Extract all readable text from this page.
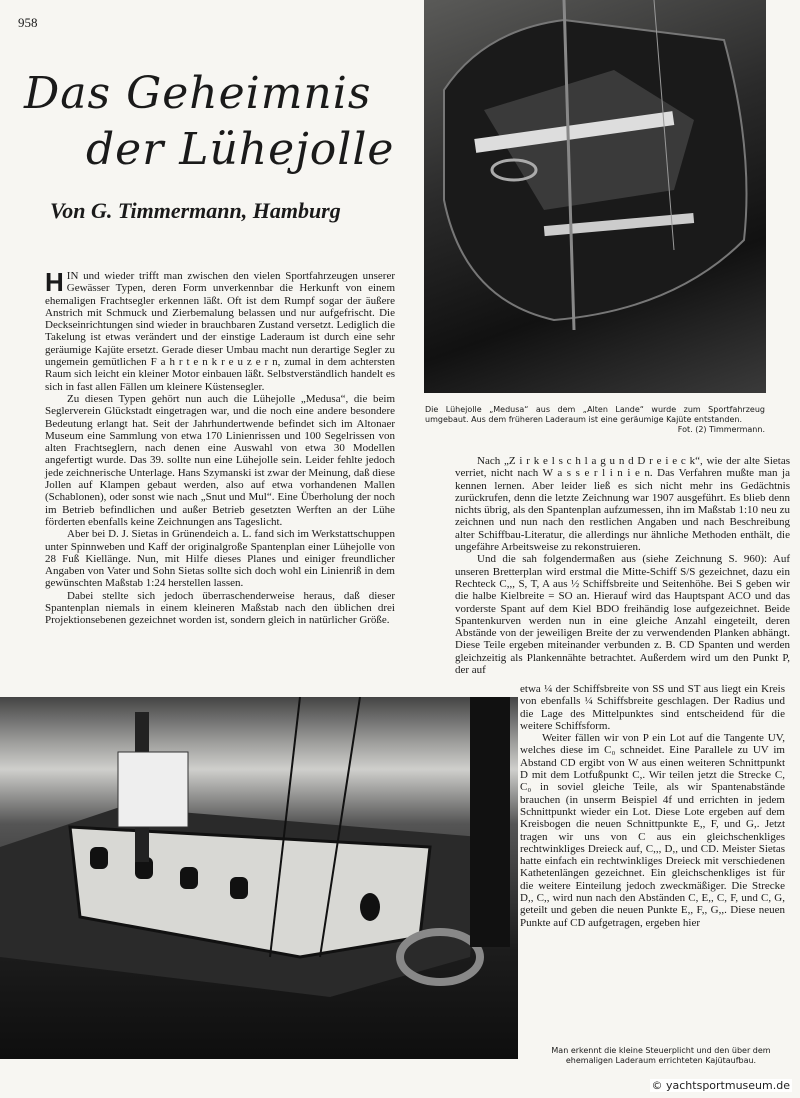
958
Das Geheimnis
der Lühejolle
Von G. Timmermann, Hamburg
Die Lühejolle „Medusa“ aus dem „Alten Lande“ wurde zum Sportfahrzeug umgebaut. Aus dem früheren Laderaum ist eine geräumige Kajüte entstanden.
Fot. (2) Timmermann.

HIN und wieder trifft man zwischen den vielen Sportfahrzeugen unserer Gewässer Typen, deren Form unverkennbar die Herkunft von einem ehemaligen Frachtsegler erkennen läßt. Oft ist dem Rumpf sogar der äußere Anstrich mit Schmuck und Zierbemalung belassen und nur aufgefrischt. Die Deckseinrichtungen sind wieder in brauchbaren Zustand versetzt. Lediglich die Takelung ist etwas verändert und der einstige Laderaum ist durch eine sehr geräumige Kajüte ersetzt. Gerade dieser Umbau macht nun derartige Segler zu ungemein gemütlichen F a h r t e n k r e u z e r n, zumal in dem achtersten Raum sich leicht ein kleiner Motor einbauen läßt. Selbstverständlich handelt es sich in fast allen Fällen um kleinere Küstensegler.

Zu diesen Typen gehört nun auch die Lühejolle „Medusa“, die beim Seglerverein Glückstadt eingetragen war, und die noch eine andere besondere Bedeutung erlangt hat. Seit der Jahrhundertwende befindet sich im Altonaer Museum eine Sammlung von etwa 170 Linienrissen und 100 Segelrissen von alten Frachtseglern, nach denen eine Auswahl von etwa 30 Modellen angefertigt wurde. Das 39. sollte nun eine Lühejolle sein. Leider fehlte jedoch jede zeichnerische Unterlage. Hans Szymanski ist zwar der Meinung, daß diese Jollen auf Klampen gebaut werden, also auf etwa vorhandenen Mallen (Schablonen), oder sonst wie nach „Snut und Mul“. Eine Überholung der noch im Betrieb befindlichen und außer Betrieb gesetzten Werften an der Lühe förderten ebenfalls keine Zeichnungen ans Tageslicht.

Aber bei D. J. Sietas in Grünendeich a. L. fand sich im Werkstattschuppen unter Spinnweben und Kaff der originalgroße Spantenplan einer Lühejolle von 28 Fuß Kiellänge. Nun, mit Hilfe dieses Planes und einiger freundlicher Angaben von Vater und Sohn Sietas sollte sich doch wohl ein Linienriß in dem gewünschten Maßstab 1:24 herstellen lassen.

Dabei stellte sich jedoch überraschenderweise heraus, daß dieser Spantenplan niemals in einem kleineren Maßstab nach den üblichen drei Projektionsebenen gezeichnet worden ist, sondern gleich in natürlicher Größe.

Nach „Z i r k e l s c h l a g u n d D r e i e c k“, wie der alte Sietas verriet, nicht nach W a s s e r l i n i e n. Das Verfahren mußte man ja kennen lernen. Aber leider ließ es sich nicht mehr ins Gedächtnis zurückrufen, denn die letzte Zeichnung war 1907 ausgeführt. Es blieb denn nichts übrig, als den Spantenplan aufzumessen, ihn im Maßstab 1:10 neu zu zeichnen und nun nach den restlichen Angaben und nach Beschreibung alter Schiffbau-Literatur, die allerdings nur ähnliche Methoden enthält, die ungefähre Arbeitsweise zu rekonstruieren.

Und die sah folgendermaßen aus (siehe Zeichnung S. 960): Auf unseren Bretterplan wird erstmal die Mitte-Schiff S/S gezeichnet, dazu ein Rechteck C,,, S, T, A aus ½ Schiffsbreite und Seitenhöhe. Bei S geben wir die halbe Kielbreite = SO an. Hierauf wird das Hauptspant ACO und das vorderste Spant auf dem Kiel BDO freihändig lose aufgezeichnet. Beide Spantenkurven werden nun in eine gleiche Anzahl eingeteilt, deren Abstände von der jeweiligen Breite der zu verwendenden Planken abhängt. Diese Teile ergeben miteinander verbunden z. B. CD Spanten und werden gleichzeitig als Plankennähte betrachtet. Außerdem wird um den Punkt P, der auf

etwa ¼ der Schiffsbreite von SS und ST aus liegt ein Kreis von ebenfalls ¼ Schiffsbreite geschlagen. Der Radius und die Lage des Mittelpunktes sind entscheidend für die weitere Schiffsform.

Weiter fällen wir von P ein Lot auf die Tangente UV, welches diese im C₀ schneidet. Eine Parallele zu UV im Abstand CD ergibt von W aus einen weiteren Schnittpunkt D mit dem Lotfußpunkt C,. Wir teilen jetzt die Strecke C, C₀ in soviel gleiche Teile, als wir Spantenabstände brauchen (in unserm Beispiel 4f und errichten in jedem Schnittpunkt wieder ein Lot. Diese Lote ergeben auf dem Kreisbogen die neuen Schnittpunkte E,, F, und G,. Jetzt tragen wir uns von C aus ein gleichschenkliges rechtwinkliges Dreieck auf, C,,, D,, und CD. Meister Sietas hatte einfach ein rechtwinkliges Dreieck mit verschiedenen Kathetenlängen gezeichnet. Ein gleichschenkliges ist für die weitere Einteilung jedoch zweckmäßiger. Die Strecke D,, C,, wird nun nach den Abständen C, E,, C, F, und C, G, geteilt und geben die neuen Punkte E,, F,, G,,. Diese neuen Punkte auf CD aufgetragen, ergeben hier

Man erkennt die kleine Steuerplicht und den über dem ehemaligen Laderaum errichteten Kajütaufbau.
© yachtsportmuseum.de
